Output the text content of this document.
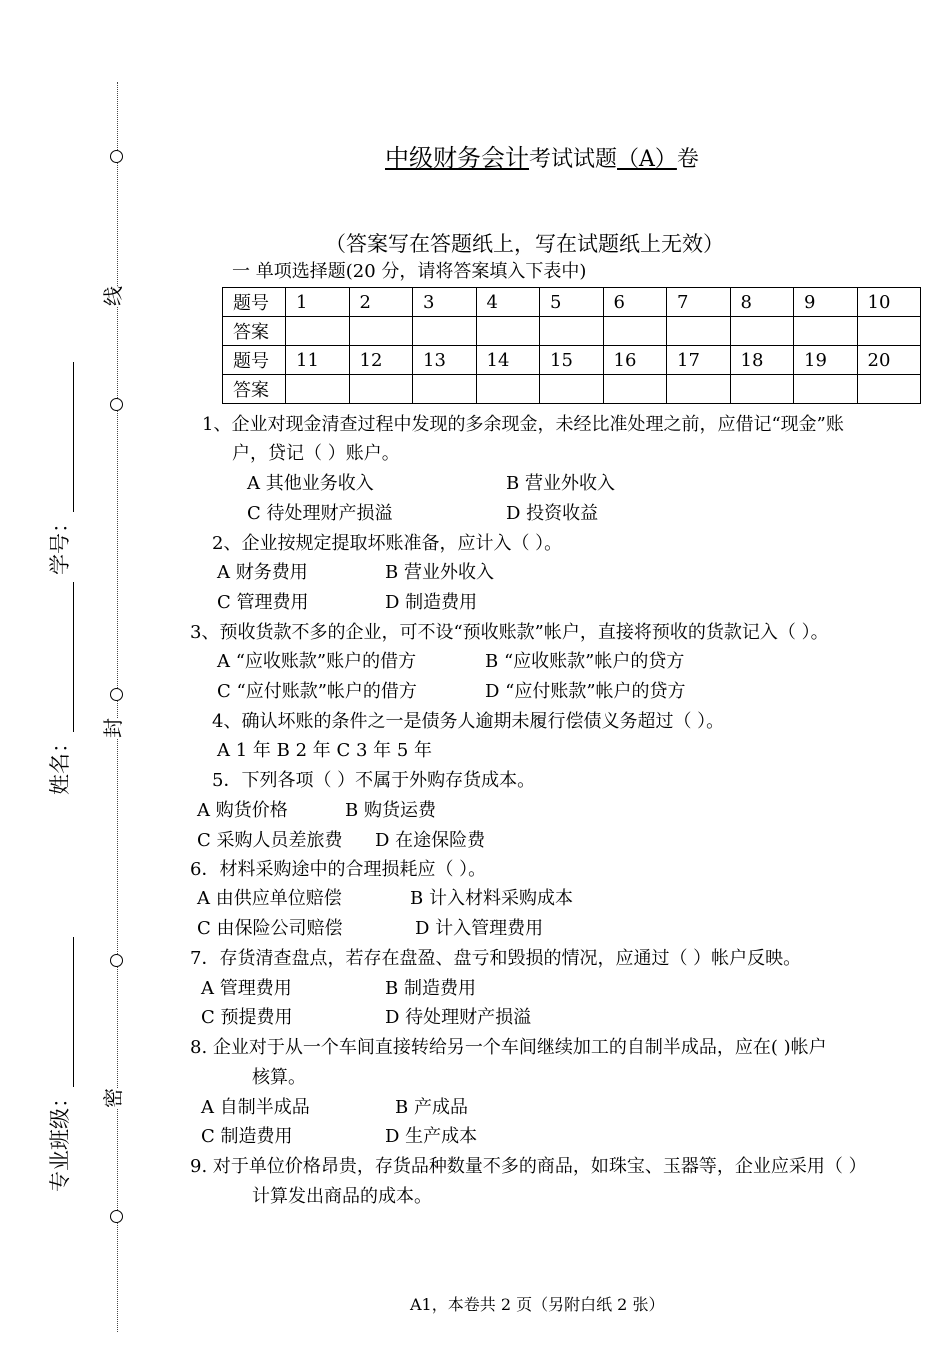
线
封
密
学号：
姓名：
专业班级：
中级财务会计考试试题（A）卷
（答案写在答题纸上，写在试题纸上无效）
一 单项选择题(20 分，请将答案填入下表中)
题号	1	2	3	4	5	6	7	8	9	10
答案										
题号	11	12	13	14	15	16	17	18	19	20
答案										
1、企业对现金清查过程中发现的多余现金，未经比准处理之前，应借记“现金”账
户，贷记（ ）账户。
A 其他业务收入	B 营业外收入
C 待处理财产损溢	D 投资收益
2、企业按规定提取坏账准备，应计入（ ）。
A 财务费用	B 营业外收入
C 管理费用	D 制造费用
3、预收货款不多的企业，可不设“预收账款”帐户，直接将预收的货款记入（ ）。
A “应收账款”账户的借方	B “应收账款”帐户的贷方
C “应付账款”帐户的借方	D “应付账款”帐户的贷方
4、确认坏账的条件之一是债务人逾期未履行偿债义务超过（ ）。
A 1 年 B 2 年 C 3 年 5 年
5．下列各项（ ）不属于外购存货成本。
A 购货价格	B 购货运费
C 采购人员差旅费 D 在途保险费
6．材料采购途中的合理损耗应（ ）。
A 由供应单位赔偿	B 计入材料采购成本
C 由保险公司赔偿	D 计入管理费用
7．存货清查盘点，若存在盘盈、盘亏和毁损的情况，应通过（ ）帐户反映。
A 管理费用	B 制造费用
C 预提费用	D 待处理财产损溢
8. 企业对于从一个车间直接转给另一个车间继续加工的自制半成品，应在( )帐户
核算。
A 自制半成品	B 产成品
C 制造费用	D 生产成本
9. 对于单位价格昂贵，存货品种数量不多的商品，如珠宝、玉器等，企业应采用（ ）
计算发出商品的成本。
A1，本卷共 2 页（另附白纸 2 张）
